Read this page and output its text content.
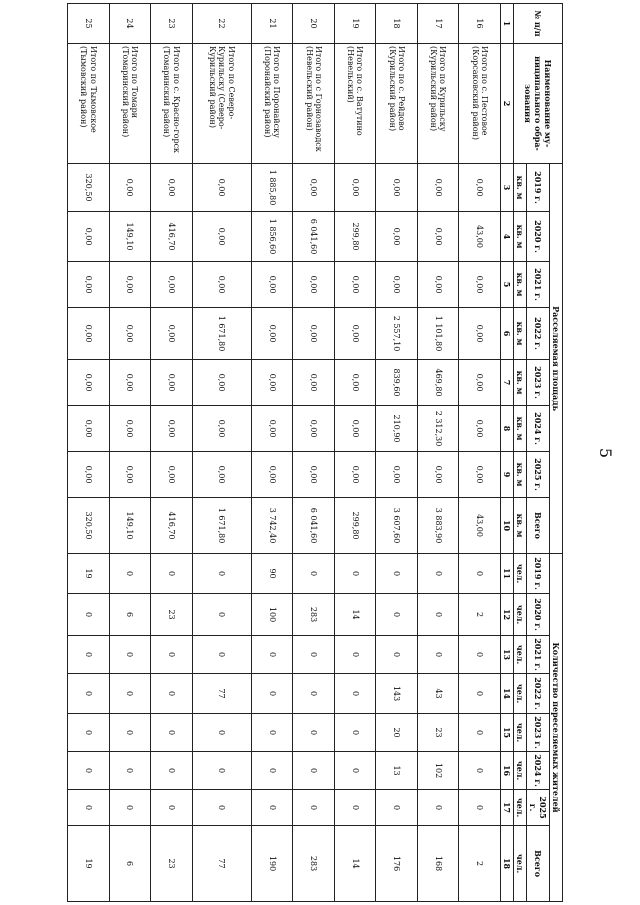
5
№ п/п	Наименование му-ниципального обра-зования	Расселяемая площадь								Количество переселяемых жителей							
		2019 г.	2020 г.	2021 г.	2022 г.	2023 г.	2024 г.	2025 г.	Всего	2019 г.	2020 г.	2021 г.	2022 г.	2023 г.	2024 г.	2025 г.	Всего
		кв. м	кв. м	кв. м	кв. м	кв. м	кв. м	кв. м	кв. м	чел.	чел.	чел.	чел.	чел.	чел.	чел.	чел.
1	2	3	4	5	6	7	8	9	10	11	12	13	14	15	16	17	18
16	Итого по с. Пестовое (Корсаковский район)	0,00	43,00	0,00	0,00	0,00	0,00	0,00	43,00	0	2	0	0	0	0	0	2
17	Итого по Курильску (Курильский район)	0,00	0,00	0,00	1 101,80	469,80	2 312,30	0,00	3 883,90	0	0	0	43	23	102	0	168
18	Итого по с. Рейдово (Курильский район)	0,00	0,00	0,00	2 557,10	839,60	210,90	0,00	3 607,60	0	0	0	143	20	13	0	176
19	Итого по с. Ватутино (Невельский)	0,00	299,80	0,00	0,00	0,00	0,00	0,00	299,80	0	14	0	0	0	0	0	14
20	Итого по с Горнозаводск (Невельский район)	0,00	6 041,60	0,00	0,00	0,00	0,00	0,00	6 041,60	0	283	0	0	0	0	0	283
21	Итого по Поронайску (Поронайский район)	1 885,80	1 856,60	0,00	0,00	0,00	0,00	0,00	3 742,40	90	100	0	0	0	0	0	190
22	Итого по Северо-Курильску (Северо-Курильский район)	0,00	0,00	0,00	1 671,80	0,00	0,00	0,00	1 671,80	0	0	0	77	0	0	0	77
23	Итого по с. Красно-горск (Томаринский район)	0,00	416,70	0,00	0,00	0,00	0,00	0,00	416,70	0	23	0	0	0	0	0	23
24	Итого по Томари (Томаринский район)	0,00	149,10	0,00	0,00	0,00	0,00	0,00	149,10	0	6	0	0	0	0	0	6
25	Итого по Тымовское (Тымовский район)	320,50	0,00	0,00	0,00	0,00	0,00	0,00	320,50	19	0	0	0	0	0	0	19
